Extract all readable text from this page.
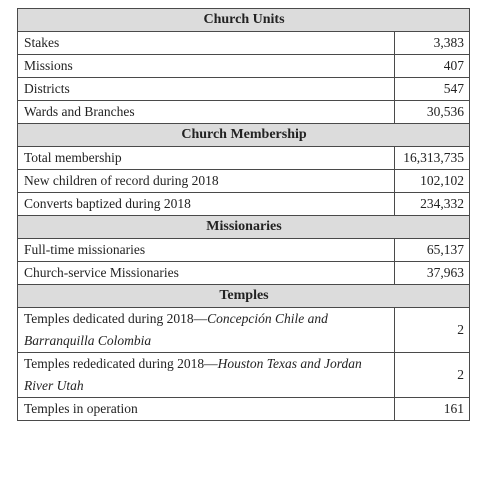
Church Units	
Stakes	3,383
Missions	407
Districts	547
Wards and Branches	30,536
Church Membership	
Total membership	16,313,735
New children of record during 2018	102,102
Converts baptized during 2018	234,332
Missionaries	
Full-time missionaries	65,137
Church-service Missionaries	37,963
Temples	
Temples dedicated during 2018—Concepción Chile and Barranquilla Colombia	2
Temples rededicated during 2018—Houston Texas and Jordan River Utah	2
Temples in operation	161
